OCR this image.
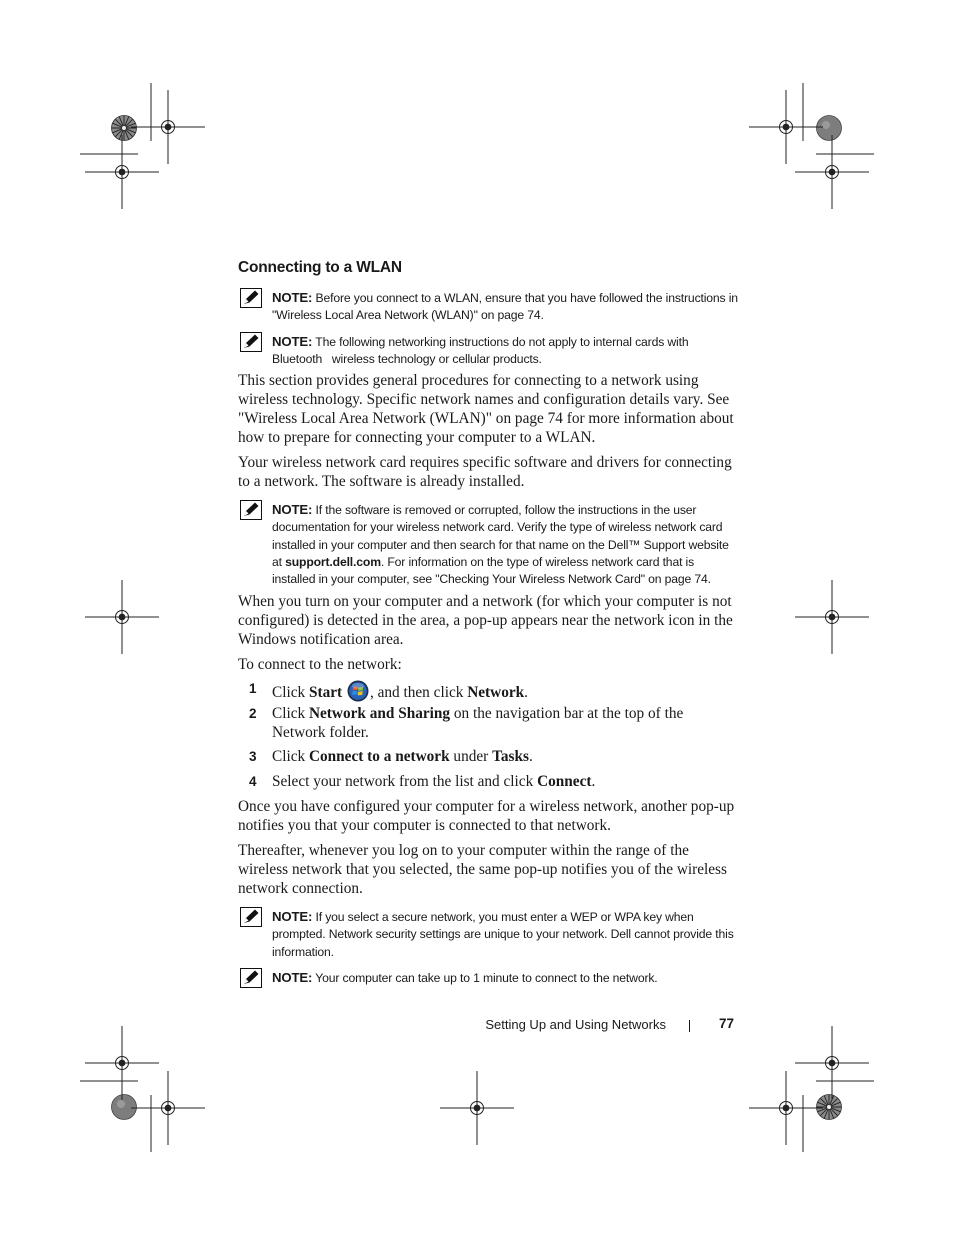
Connecting to a WLAN

NOTE: Before you connect to a WLAN, ensure that you have followed the instructions in "Wireless Local Area Network (WLAN)" on page 74.

NOTE: The following networking instructions do not apply to internal cards with Bluetooth   wireless technology or cellular products.

This section provides general procedures for connecting to a network using wireless technology. Specific network names and configuration details vary. See "Wireless Local Area Network (WLAN)" on page 74 for more information about how to prepare for connecting your computer to a WLAN.

Your wireless network card requires specific software and drivers for connecting to a network. The software is already installed.

NOTE: If the software is removed or corrupted, follow the instructions in the user documentation for your wireless network card. Verify the type of wireless network card installed in your computer and then search for that name on the Dell™ Support website at support.dell.com. For information on the type of wireless network card that is installed in your computer, see "Checking Your Wireless Network Card" on page 74.

When you turn on your computer and a network (for which your computer is not configured) is detected in the area, a pop-up appears near the network icon in the Windows notification area.

To connect to the network:

1 Click Start , and then click Network.

2 Click Network and Sharing on the navigation bar at the top of the Network folder.

3 Click Connect to a network under Tasks.

4 Select your network from the list and click Connect.

Once you have configured your computer for a wireless network, another pop-up notifies you that your computer is connected to that network.

Thereafter, whenever you log on to your computer within the range of the wireless network that you selected, the same pop-up notifies you of the wireless network connection.

NOTE: If you select a secure network, you must enter a WEP or WPA key when prompted. Network security settings are unique to your network. Dell cannot provide this information.

NOTE: Your computer can take up to 1 minute to connect to the network.

Setting Up and Using Networks	77
